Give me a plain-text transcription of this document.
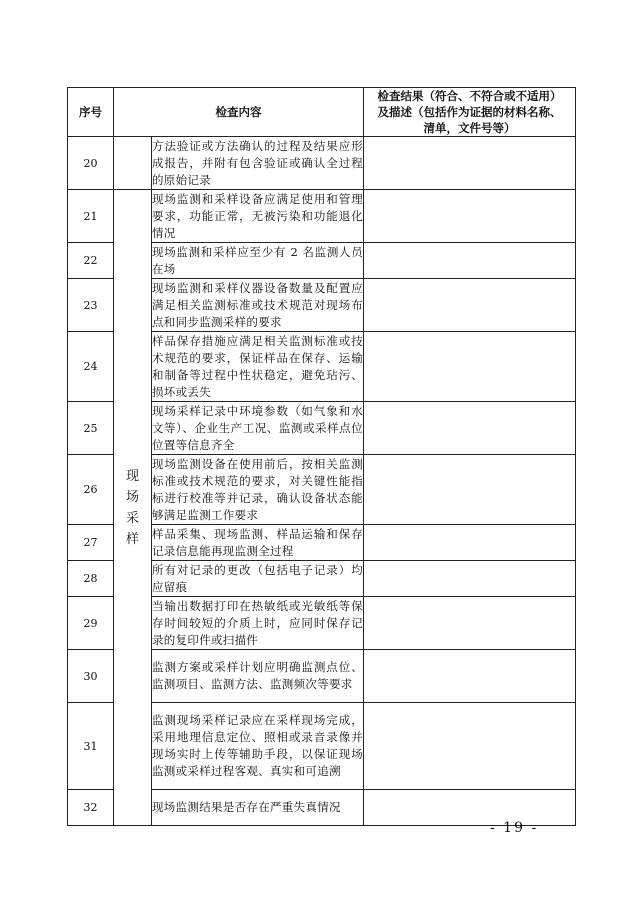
序号	检查内容		检查结果（符合、不符合或不适用）
及描述（包括作为证据的材料名称、
清单，文件号等）

20		方法验证或方法确认的过程及结果应形成报告，并附有包含验证或确认全过程的原始记录	
21	现场采样	现场监测和采样设备应满足使用和管理要求，功能正常，无被污染和功能退化情况	
22		现场监测和采样应至少有 2 名监测人员在场	
23		现场监测和采样仪器设备数量及配置应满足相关监测标准或技术规范对现场布点和同步监测采样的要求	
24		样品保存措施应满足相关监测标准或技术规范的要求，保证样品在保存、运输和制备等过程中性状稳定，避免玷污、损坏或丢失	
25		现场采样记录中环境参数（如气象和水文等）、企业生产工况、监测或采样点位位置等信息齐全	
26		现场监测设备在使用前后，按相关监测标准或技术规范的要求，对关键性能指标进行校准等并记录，确认设备状态能够满足监测工作要求	
27		样品采集、现场监测、样品运输和保存记录信息能再现监测全过程	
28		所有对记录的更改（包括电子记录）均应留痕	
29		当输出数据打印在热敏纸或光敏纸等保存时间较短的介质上时，应同时保存记录的复印件或扫描件	
30		监测方案或采样计划应明确监测点位、监测项目、监测方法、监测频次等要求	
31		监测现场采样记录应在采样现场完成，采用地理信息定位、照相或录音录像并现场实时上传等辅助手段，以保证现场监测或采样过程客观、真实和可追溯	
32		现场监测结果是否存在严重失真情况	
- 19 -
